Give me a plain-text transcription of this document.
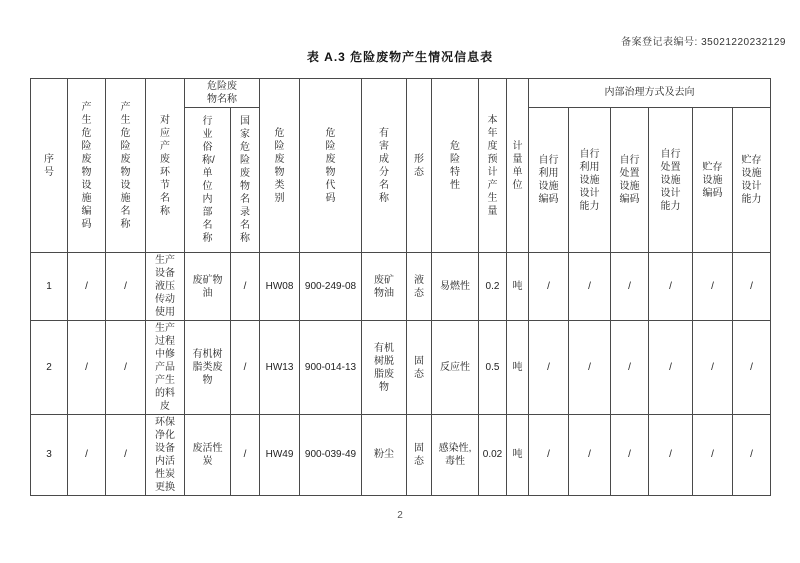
备案登记表编号: 35021220232129
表 A.3 危险废物产生情况信息表
序号	产生危险废物设施编码	产生危险废物设施名称	对应产废环节名称	危险废物名称		危险废物类别	危险废物代码	有害成分名称	形态	危险特性	本年度预计产生量	计量单位	内部治理方式及去向					
				行业俗称/单位内部名称	国家危险废物名录名称								自行利用设施编码	自行利用设施设计能力	自行处置设施编码	自行处置设施设计能力	贮存设施编码	贮存设施设计能力
1	/	/	生产设备液压传动使用	废矿物油	/	HW08	900-249-08	废矿物油	液态	易燃性	0.2	吨	/	/	/	/	/	/
2	/	/	生产过程中修产品产生的料皮	有机树脂类废物	/	HW13	900-014-13	有机树脱脂废物	固态	反应性	0.5	吨	/	/	/	/	/	/
3	/	/	环保净化设备内活性炭更换	废活性炭	/	HW49	900-039-49	粉尘	固态	感染性,毒性	0.02	吨	/	/	/	/	/	/
2
